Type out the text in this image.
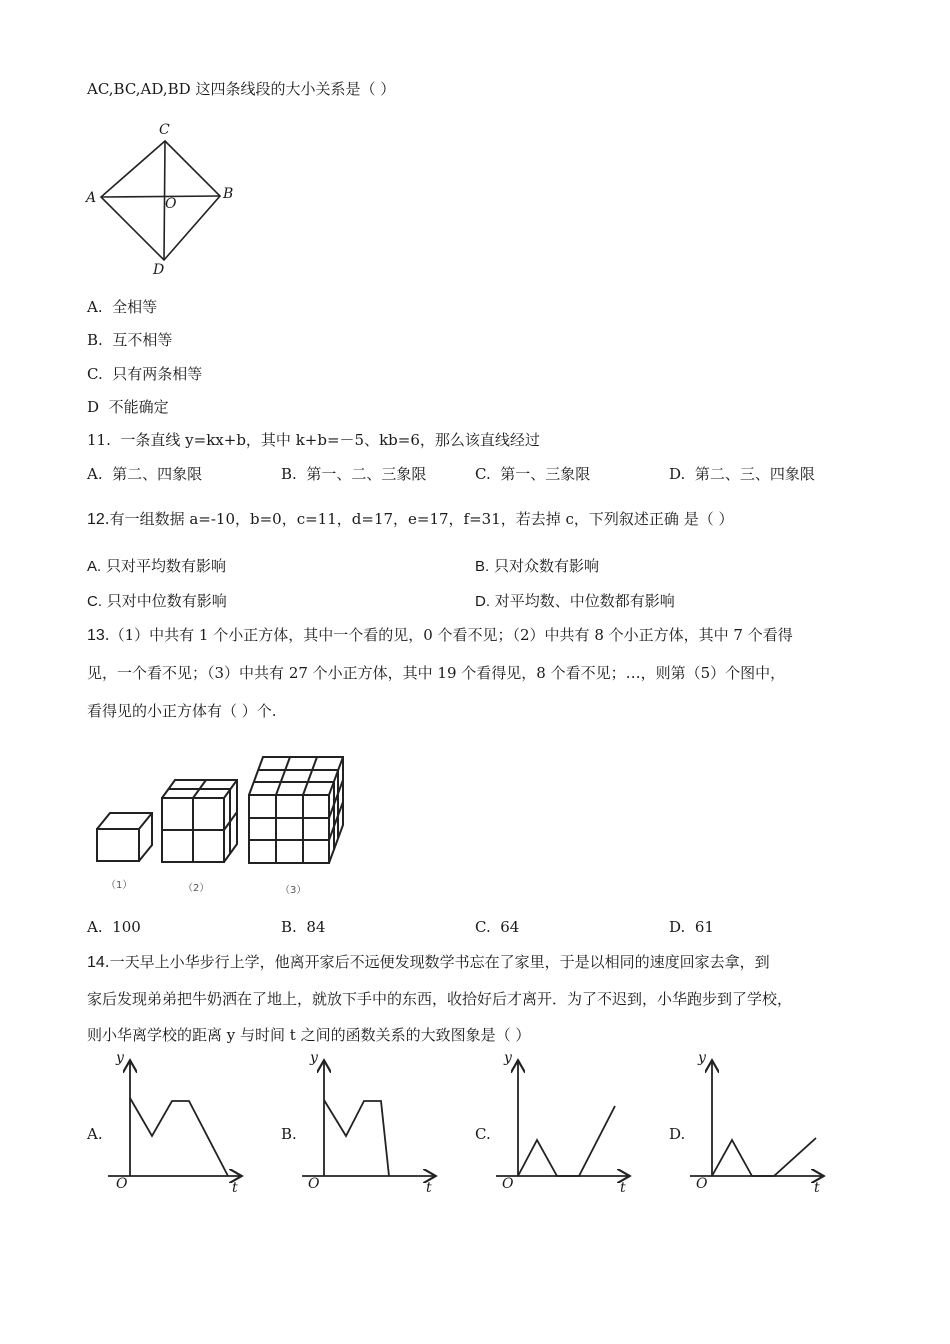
AC,BC,AD,BD 这四条线段的大小关系是（ ）
C
A	O
B
D
A. 全相等
B. 互不相等
C. 只有两条相等
D 不能确定
11. 一条直线 y=kx+b，其中 k+b=－5、kb=6，那么该直线经过
A. 第二、四象限	B. 第一、二、三象限	C. 第一、三象限	D. 第二、三、四象限
12.有一组数据 a=-10，b=0，c=11，d=17，e=17，f=31，若去掉 c，下列叙述正确 是（ ）
A. 只对平均数有影响	B. 只对众数有影响
C. 只对中位数有影响	D. 对平均数、中位数都有影响
13.（1）中共有 1 个小正方体，其中一个看的见，0 个看不见；（2）中共有 8 个小正方体，其中 7 个看得
见，一个看不见；（3）中共有 27 个小正方体，其中 19 个看得见，8 个看不见；…，则第（5）个图中，
看得见的小正方体有（ ）个.
（1）	（2）	（3）
A. 100	B. 84	C. 64	D. 61
14.一天早上小华步行上学，他离开家后不远便发现数学书忘在了家里，于是以相同的速度回家去拿，到
家后发现弟弟把牛奶洒在了地上，就放下手中的东西，收拾好后才离开．为了不迟到，小华跑步到了学校，
则小华离学校的距离 y 与时间 t 之间的函数关系的大致图象是（ ）
A.	B.	C.	D.
y
O	t
y
O	t
y
O	t
y
O	t
